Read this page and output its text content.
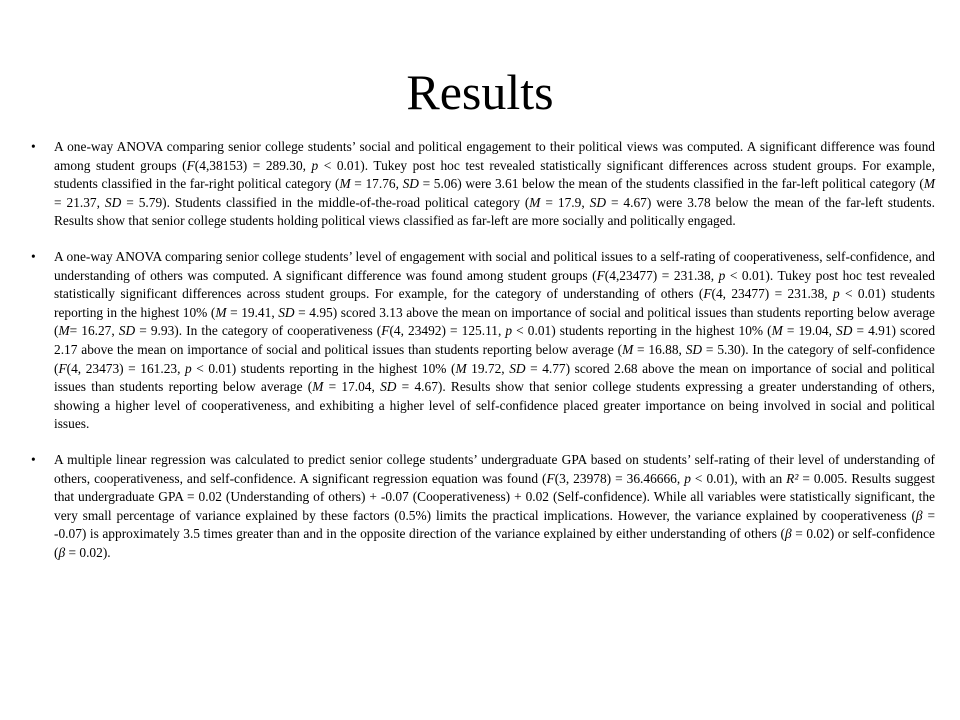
Results
• A one-way ANOVA comparing senior college students’ social and political engagement to their political views was computed. A significant difference was found among student groups (F(4,38153) = 289.30, p < 0.01). Tukey post hoc test revealed statistically significant differences across student groups. For example, students classified in the far-right political category (M = 17.76, SD = 5.06) were 3.61 below the mean of the students classified in the far-left political category (M = 21.37, SD = 5.79). Students classified in the middle-of-the-road political category (M = 17.9, SD = 4.67) were 3.78 below the mean of the far-left students. Results show that senior college students holding political views classified as far-left are more socially and politically engaged.
• A one-way ANOVA comparing senior college students’ level of engagement with social and political issues to a self-rating of cooperativeness, self-confidence, and understanding of others was computed. A significant difference was found among student groups (F(4,23477) = 231.38, p < 0.01). Tukey post hoc test revealed statistically significant differences across student groups. For example, for the category of understanding of others (F(4, 23477) = 231.38, p < 0.01) students reporting in the highest 10% (M = 19.41, SD = 4.95) scored 3.13 above the mean on importance of social and political issues than students reporting below average (M= 16.27, SD = 9.93). In the category of cooperativeness (F(4, 23492) = 125.11, p < 0.01) students reporting in the highest 10% (M = 19.04, SD = 4.91) scored 2.17 above the mean on importance of social and political issues than students reporting below average (M = 16.88, SD = 5.30). In the category of self-confidence (F(4, 23473) = 161.23, p < 0.01) students reporting in the highest 10% (M 19.72, SD = 4.77) scored 2.68 above the mean on importance of social and political issues than students reporting below average (M = 17.04, SD = 4.67). Results show that senior college students expressing a greater understanding of others, showing a higher level of cooperativeness, and exhibiting a higher level of self-confidence placed greater importance on being involved in social and political issues.
• A multiple linear regression was calculated to predict senior college students’ undergraduate GPA based on students’ self-rating of their level of understanding of others, cooperativeness, and self-confidence. A significant regression equation was found (F(3, 23978) = 36.46666, p < 0.01), with an R² = 0.005. Results suggest that undergraduate GPA = 0.02 (Understanding of others) + -0.07 (Cooperativeness) + 0.02 (Self-confidence). While all variables were statistically significant, the very small percentage of variance explained by these factors (0.5%) limits the practical implications. However, the variance explained by cooperativeness (β = -0.07) is approximately 3.5 times greater than and in the opposite direction of the variance explained by either understanding of others (β = 0.02) or self-confidence (β = 0.02).
